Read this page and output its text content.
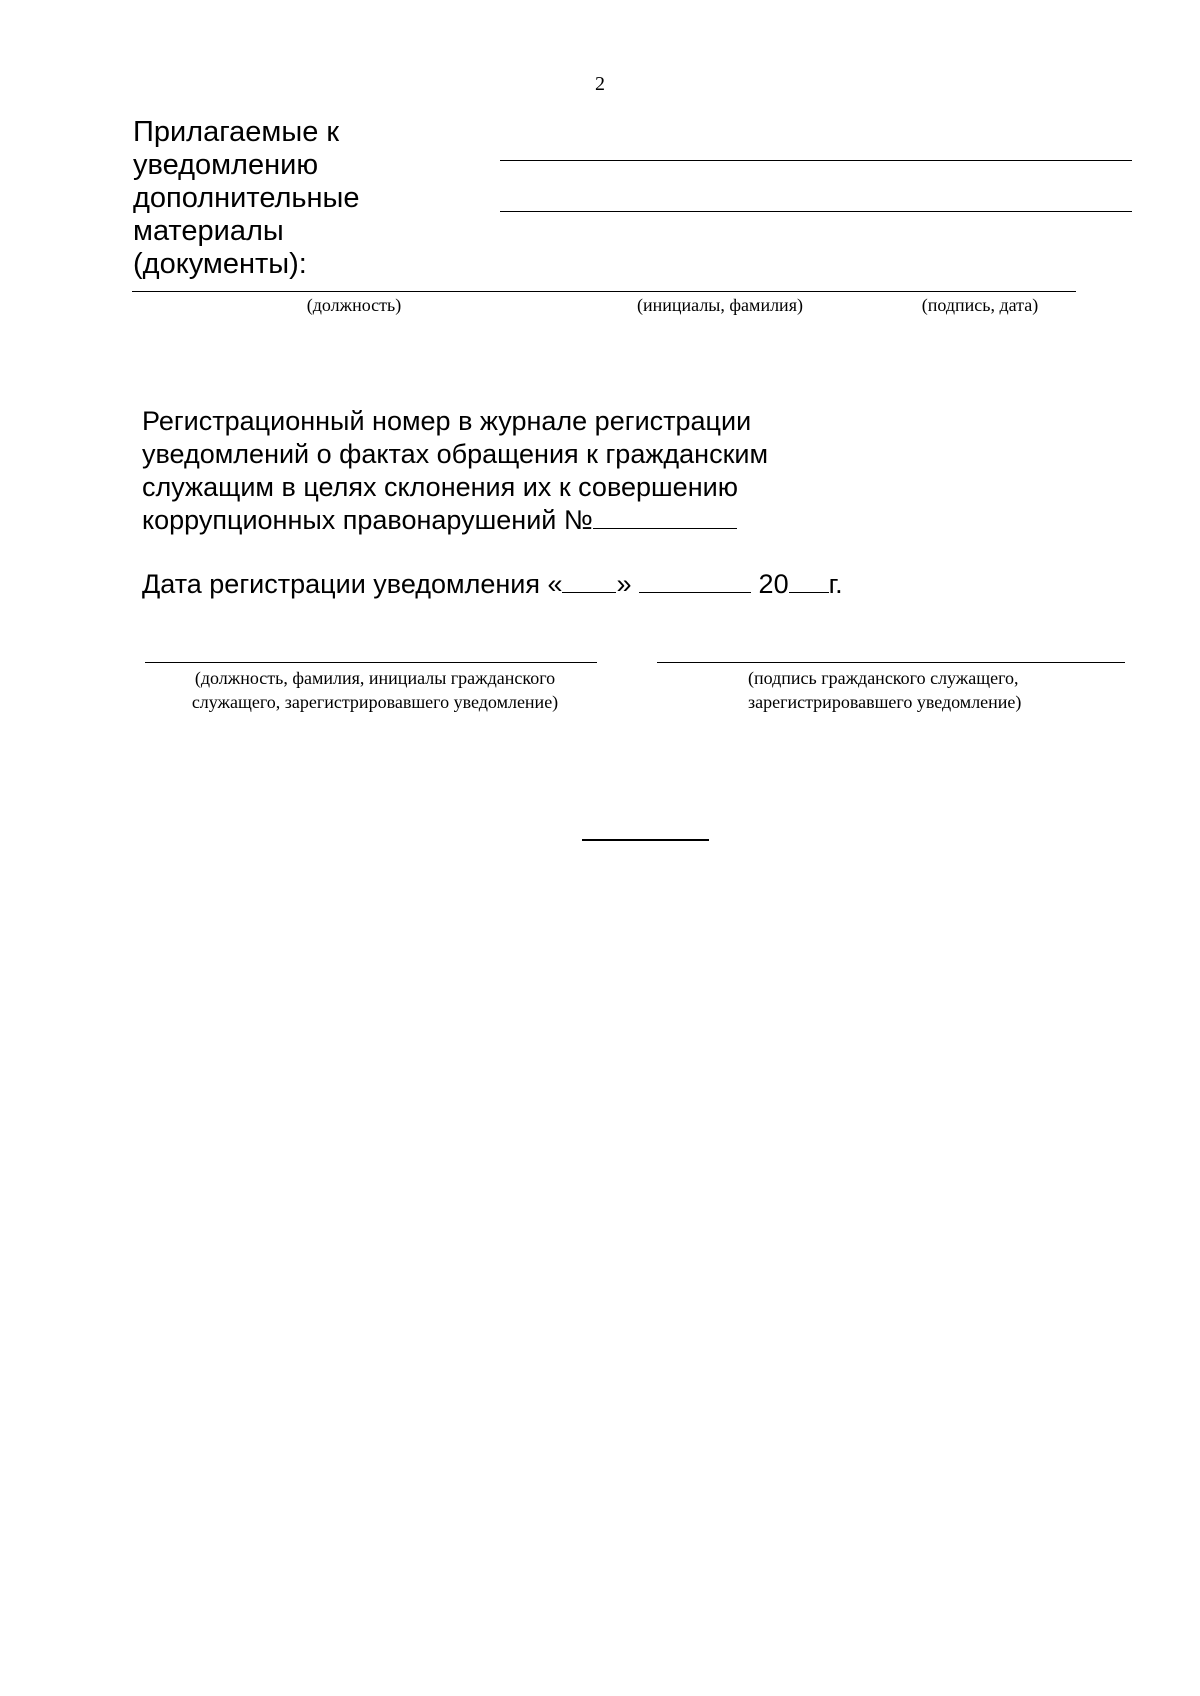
2
Прилагаемые к уведомлению
дополнительные материалы
(документы):
(должность)	(инициалы, фамилия)	(подпись, дата)
Регистрационный номер в журнале регистрации
уведомлений о фактах обращения к гражданским
служащим в целях склонения их к совершению
коррупционных правонарушений №
Дата регистрации уведомления « »	20 г.
(должность, фамилия, инициалы гражданского
служащего, зарегистрировавшего уведомление)
(подпись гражданского служащего,
зарегистрировавшего уведомление)
